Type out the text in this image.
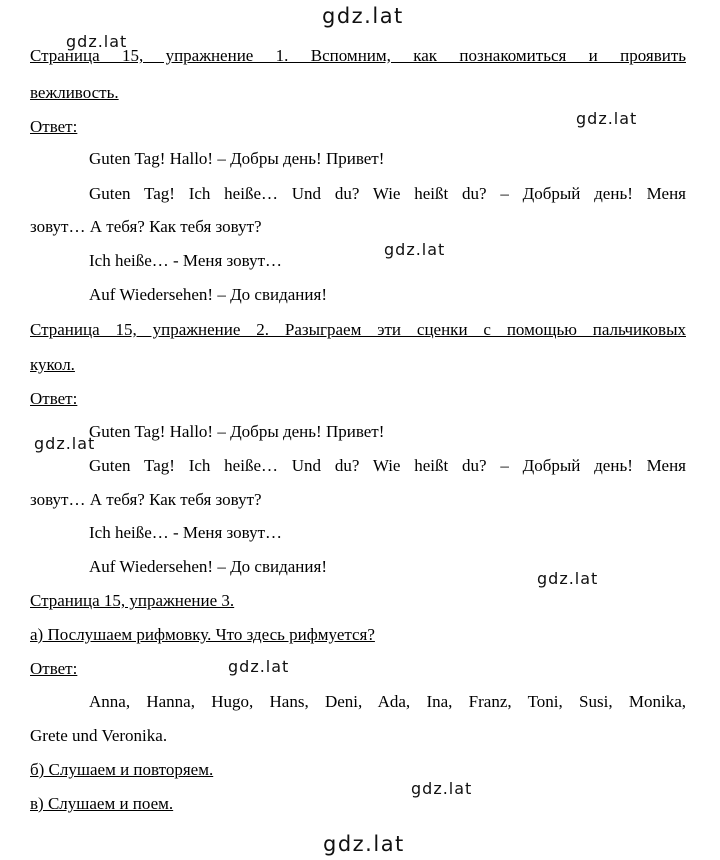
gdz.lat
gdz.lat
gdz.lat
gdz.lat
gdz.lat
gdz.lat
gdz.lat
gdz.lat
gdz.lat
Страница 15, упражнение 1. Вспомним, как познакомиться и проявить
вежливость.
Ответ:
Guten Tag! Hallo! – Добры день! Привет!
Guten Tag! Ich heiße… Und du? Wie heißt du? – Добрый день! Меня
зовут… А тебя? Как тебя зовут?
Ich heiße… - Меня зовут…
Auf Wiedersehen! – До свидания!
Страница 15, упражнение 2. Разыграем эти сценки с помощью пальчиковых
кукол.
Ответ:
Guten Tag! Hallo! – Добры день! Привет!
Guten Tag! Ich heiße… Und du? Wie heißt du? – Добрый день! Меня
зовут… А тебя? Как тебя зовут?
Ich heiße… - Меня зовут…
Auf Wiedersehen! – До свидания!
Страница 15, упражнение 3.
а) Послушаем рифмовку. Что здесь рифмуется?
Ответ:
Anna, Hanna, Hugo, Hans, Deni, Ada, Ina, Franz, Toni, Susi, Monika,
Grete und Veronika.
б) Слушаем и повторяем.
в) Слушаем и поем.
